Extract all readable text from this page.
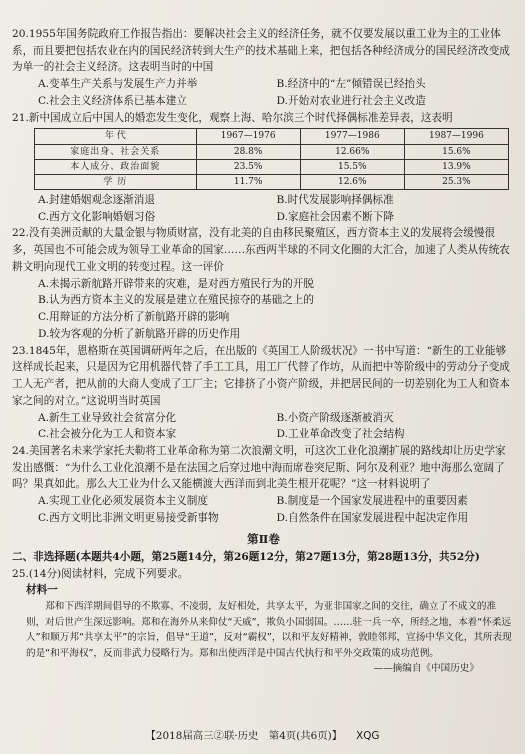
20.1955年国务院政府工作报告指出：要解决社会主义的经济任务，就不仅要发展以重工业为主的工业体系，而且要把包括农业在内的国民经济转到大生产的技术基础上来，把包括各种经济成分的国民经济改变成为单一的社会主义经济。这表明当时的中国

A.变革生产关系与发展生产力并举	B.经济中的“左”倾错误已经抬头
C.社会主义经济体系已基本建立	D.开始对农业进行社会主义改造

21.新中国成立后中国人的婚恋发生变化，观察上海、哈尔滨三个时代择偶标准差异表，这表明

年 代	1967—1976	1977—1986	1987—1996
家庭出身、社会关系	28.8%	12.66%	15.6%
本人成分、政治面貌	23.5%	15.5%	13.9%
学 历	11.7%	12.6%	25.3%
A.封建婚姻观念逐渐消退	B.时代发展影响择偶标准
C.西方文化影响婚姻习俗	D.家庭社会因素不断下降

22.没有美洲贡献的大量金银与物质财富，没有北美的自由移民聚殖区，西方资本主义的发展将会缓慢很多，英国也不可能会成为领导工业革命的国家……东西两半球的不同文化圈的大汇合，加速了人类从传统农耕文明向现代工业文明的转变过程。这一评价

A.未揭示新航路开辟带来的灾难，是对西方殖民行为的开脱
B.认为西方资本主义的发展是建立在殖民掠夺的基础之上的
C.用辩证的方法分析了新航路开辟的影响
D.较为客观的分析了新航路开辟的历史作用

23.1845年，恩格斯在英国调研两年之后，在出版的《英国工人阶级状况》一书中写道：“新生的工业能够这样成长起来，只是因为它用机器代替了手工工具，用工厂代替了作坊，从而把中等阶级中的劳动分子变成工人无产者，把从前的大商人变成了工厂主；它排挤了小资产阶级，并把居民间的一切差别化为工人和资本家之间的对立。”这说明当时英国

A.新生工业导致社会贫富分化	B.小资产阶级逐渐被消灭
C.社会被分化为工人和资本家	D.工业革命改变了社会结构

24.美国著名未来学家托夫勒将工业革命称为第二次浪潮文明，可这次工业化浪潮扩展的路线却让历史学家发出感慨：“为什么工业化浪潮不是在法国之后穿过地中海而席卷突尼斯、阿尔及利亚？地中海那么宽阔了吗？果真如此。那么大工业为什么又能横渡大西洋而到北美生根开花呢？”这一材料说明了

A.实现工业化必须发展资本主义制度	B.制度是一个国家发展进程中的重要因素
C.西方文明比非洲文明更易接受新事物	D.自然条件在国家发展进程中起决定作用
第Ⅱ卷
二、非选择题(本题共4小题，第25题14分，第26题12分，第27题13分，第28题13分，共52分)
25.(14分)阅读材料，完成下列要求。
材料一
郑和下西洋期间倡导的不欺寡、不凌弱，友好相处，共享太平，为亚非国家之间的交往，确立了不成文的准则，对后世产生深远影响。郑和在海外从来仰仗“天威”，欺负小国弱国。……驻一兵一卒，所经之地，本着“怀柔远人”和顺万邦“共享太平”的宗旨，倡导“王道”，反对“霸权”，以和平友好精神，敦睦邻邦，宣扬中华文化，其所表现的是“和平海权”，反而非武力侵略行为。郑和出使西洋是中国古代执行和平外交政策的成功范例。
——摘编自《中国历史》
【2018届高三②联·历史　第4页(共6页)】 XQG
